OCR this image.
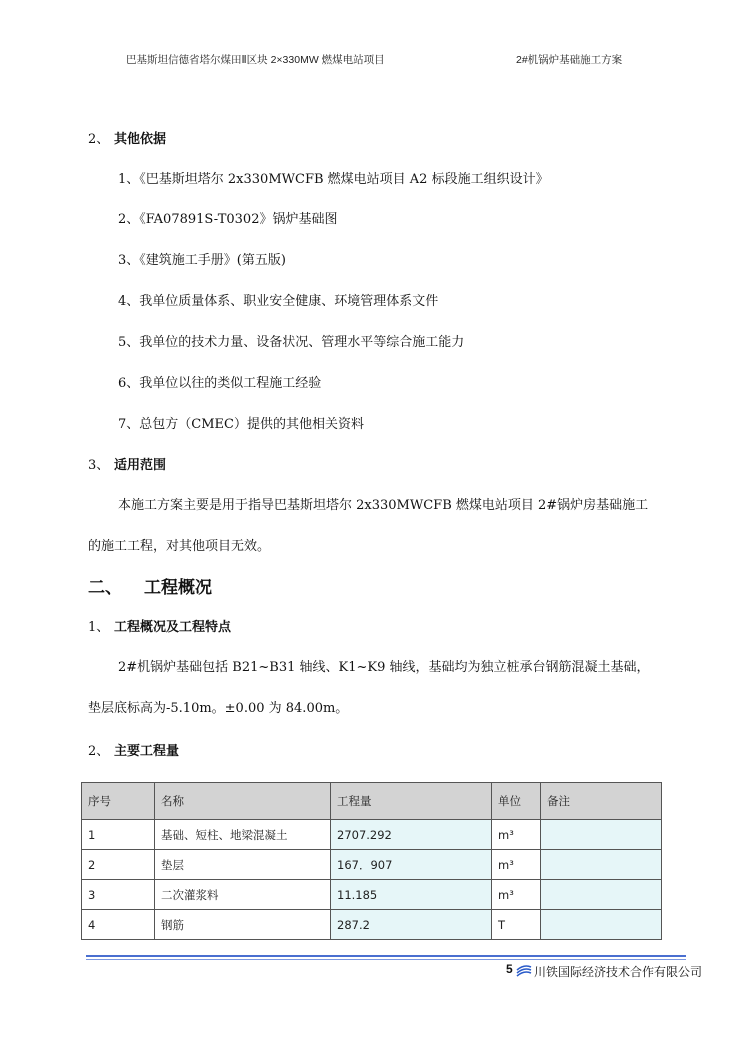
巴基斯坦信德省塔尔煤田Ⅱ区块 2×330MW 燃煤电站项目	2#机锅炉基础施工方案
2、 其他依据
1、《巴基斯坦塔尔 2x330MWCFB 燃煤电站项目 A2 标段施工组织设计》
2、《FA07891S-T0302》锅炉基础图
3、《建筑施工手册》(第五版)
4、我单位质量体系、职业安全健康、环境管理体系文件
5、我单位的技术力量、设备状况、管理水平等综合施工能力
6、我单位以往的类似工程施工经验
7、总包方（CMEC）提供的其他相关资料
3、 适用范围
本施工方案主要是用于指导巴基斯坦塔尔 2x330MWCFB 燃煤电站项目 2#锅炉房基础施工
的施工工程，对其他项目无效。
二、 工程概况
1、 工程概况及工程特点
2#机锅炉基础包括 B21~B31 轴线、K1~K9 轴线，基础均为独立桩承台钢筋混凝土基础，
垫层底标高为-5.10m。±0.00 为 84.00m。
2、 主要工程量
序号	名称	工程量	单位	备注
1	基础、短柱、地梁混凝土	2707.292	m³	
2	垫层	167．907	m³	
3	二次灌浆料	11.185	m³	
4	钢筋	287.2	T	
5 川铁国际经济技术合作有限公司
